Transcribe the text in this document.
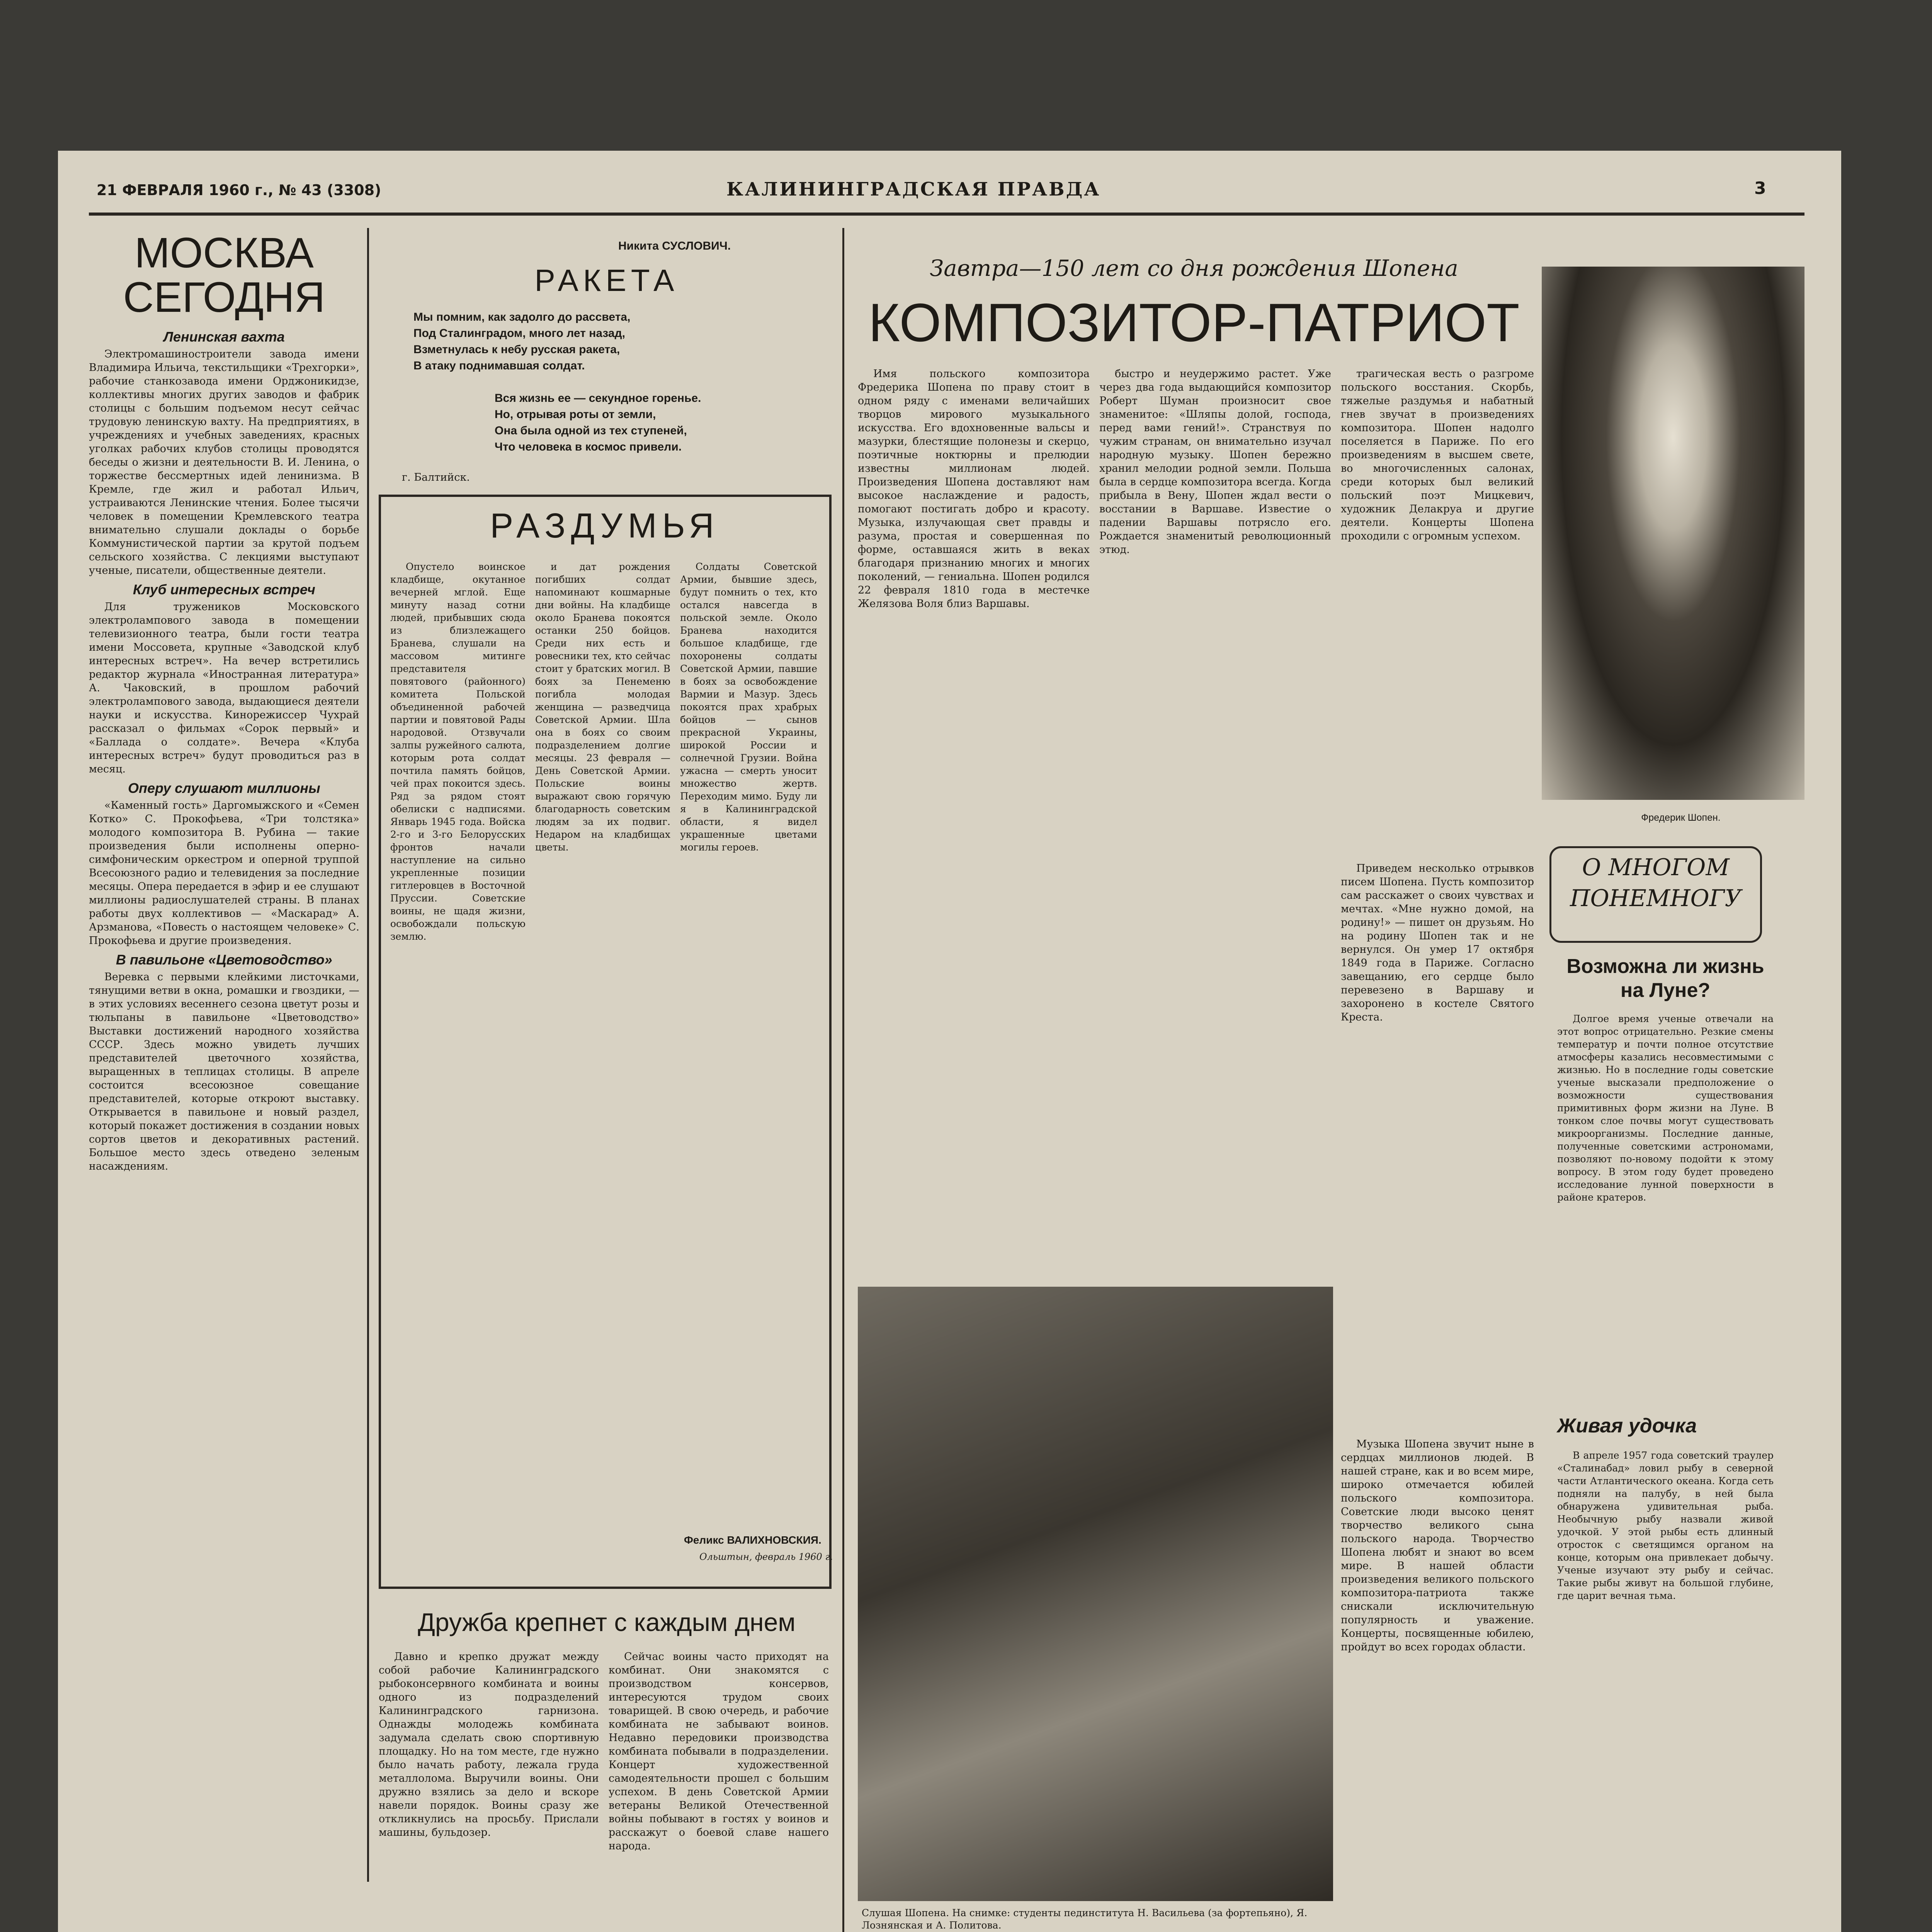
21 ФЕВРАЛЯ 1960 г., № 43 (3308)	КАЛИНИНГРАДСКАЯ ПРАВДА	3
МОСКВА
СЕГОДНЯ
Ленинская вахта

Электромашиностроители завода имени Владимира Ильича, текстильщики «Трехгорки», рабочие станкозавода имени Орджоникидзе, коллективы многих других заводов и фабрик столицы с большим подъемом несут сейчас трудовую ленинскую вахту. На предприятиях, в учреждениях и учебных заведениях, красных уголках рабочих клубов столицы проводятся беседы о жизни и деятельности В. И. Ленина, о торжестве бессмертных идей ленинизма. В Кремле, где жил и работал Ильич, устраиваются Ленинские чтения. Более тысячи человек в помещении Кремлевского театра внимательно слушали доклады о борьбе Коммунистической партии за крутой подъем сельского хозяйства. С лекциями выступают ученые, писатели, общественные деятели.

Клуб интересных встреч

Для тружеников Московского электролампового завода в помещении телевизионного театра, были гости театра имени Моссовета, крупные «Заводской клуб интересных встреч». На вечер встретились редактор журнала «Иностранная литература» А. Чаковский, в прошлом рабочий электролампового завода, выдающиеся деятели науки и искусства. Кинорежиссер Чухрай рассказал о фильмах «Сорок первый» и «Баллада о солдате». Вечера «Клуба интересных встреч» будут проводиться раз в месяц.

Оперу слушают миллионы

«Каменный гость» Даргомыжского и «Семен Котко» С. Прокофьева, «Три толстяка» молодого композитора В. Рубина — такие произведения были исполнены оперно-симфоническим оркестром и оперной труппой Всесоюзного радио и телевидения за последние месяцы. Опера передается в эфир и ее слушают миллионы радиослушателей страны. В планах работы двух коллективов — «Маскарад» А. Арзманова, «Повесть о настоящем человеке» С. Прокофьева и другие произведения.

В павильоне «Цветоводство»

Веревка с первыми клейкими листочками, тянущими ветви в окна, ромашки и гвоздики, — в этих условиях весеннего сезона цветут розы и тюльпаны в павильоне «Цветоводство» Выставки достижений народного хозяйства СССР. Здесь можно увидеть лучших представителей цветочного хозяйства, выращенных в теплицах столицы. В апреле состоится всесоюзное совещание представителей, которые откроют выставку. Открывается в павильоне и новый раздел, который покажет достижения в создании новых сортов цветов и декоративных растений. Большое место здесь отведено зеленым насаждениям.

Никита СУСЛОВИЧ.
РАКЕТА
Мы помним, как задолго до рассвета,
Под Сталинградом, много лет назад,
Взметнулась к небу русская ракета,
В атаку поднимавшая солдат.
Вся жизнь ее — секундное горенье.
Но, отрывая роты от земли,
Она была одной из тех ступеней,
Что человека в космос привели.
г. Балтийск.
РАЗДУМЬЯ

Опустело воинское кладбище, окутанное вечерней мглой. Еще минуту назад сотни людей, прибывших сюда из близлежащего Бранева, слушали на массовом митинге представителя повятового (районного) комитета Польской объединенной рабочей партии и повятовой Рады народовой. Отзвучали залпы ружейного салюта, которым рота солдат почтила память бойцов, чей прах покоится здесь. Ряд за рядом стоят обелиски с надписями. Январь 1945 года. Войска 2-го и 3-го Белорусских фронтов начали наступление на сильно укрепленные позиции гитлеровцев в Восточной Пруссии. Советские воины, не щадя жизни, освобождали польскую землю.

и дат рождения погибших солдат напоминают кошмарные дни войны. На кладбище около Бранева покоятся останки 250 бойцов. Среди них есть и ровесники тех, кто сейчас стоит у братских могил. В боях за Пенеменю погибла молодая женщина — разведчица Советской Армии. Шла она в боях со своим подразделением долгие месяцы. 23 февраля — День Советской Армии. Польские воины выражают свою горячую благодарность советским людям за их подвиг. Недаром на кладбищах цветы.

Солдаты Советской Армии, бывшие здесь, будут помнить о тех, кто остался навсегда в польской земле. Около Бранева находится большое кладбище, где похоронены солдаты Советской Армии, павшие в боях за освобождение Вармии и Мазур. Здесь покоятся прах храбрых бойцов — сынов прекрасной Украины, широкой России и солнечной Грузии. Война ужасна — смерть уносит множество жертв. Переходим мимо. Буду ли я в Калининградской области, я видел украшенные цветами могилы героев.

Феликс ВАЛИХНОВСКИЯ.
Ольштын, февраль 1960 г.
Дружба крепнет с каждым днем

Давно и крепко дружат между собой рабочие Калининградского рыбоконсервного комбината и воины одного из подразделений Калининградского гарнизона. Однажды молодежь комбината задумала сделать свою спортивную площадку. Но на том месте, где нужно было начать работу, лежала груда металлолома. Выручили воины. Они дружно взялись за дело и вскоре навели порядок. Воины сразу же откликнулись на просьбу. Прислали машины, бульдозер.

Сейчас воины часто приходят на комбинат. Они знакомятся с производством консервов, интересуются трудом своих товарищей. В свою очередь, и рабочие комбината не забывают воинов. Недавно передовики производства комбината побывали в подразделении. Концерт художественной самодеятельности прошел с большим успехом. В день Советской Армии ветераны Великой Отечественной войны побывают в гостях у воинов и расскажут о боевой славе нашего народа.

Завтра—150 лет со дня рождения Шопена
КОМПОЗИТОР-ПАТРИОТ

Имя польского композитора Фредерика Шопена по праву стоит в одном ряду с именами величайших творцов мирового музыкального искусства. Его вдохновенные вальсы и мазурки, блестящие полонезы и скерцо, поэтичные ноктюрны и прелюдии известны миллионам людей. Произведения Шопена доставляют нам высокое наслаждение и радость, помогают постигать добро и красоту. Музыка, излучающая свет правды и разума, простая и совершенная по форме, оставшаяся жить в веках благодаря признанию многих и многих поколений, — гениальна. Шопен родился 22 февраля 1810 года в местечке Желязова Воля близ Варшавы.

быстро и неудержимо растет. Уже через два года выдающийся композитор Роберт Шуман произносит свое знаменитое: «Шляпы долой, господа, перед вами гений!». Странствуя по чужим странам, он внимательно изучал народную музыку. Шопен бережно хранил мелодии родной земли. Польша была в сердце композитора всегда. Когда прибыла в Вену, Шопен ждал вести о восстании в Варшаве. Известие о падении Варшавы потрясло его. Рождается знаменитый революционный этюд.

трагическая весть о разгроме польского восстания. Скорбь, тяжелые раздумья и набатный гнев звучат в произведениях композитора. Шопен надолго поселяется в Париже. По его произведениям в высшем свете, во многочисленных салонах, среди которых был великий польский поэт Мицкевич, художник Делакруа и другие деятели. Концерты Шопена проходили с огромным успехом.

Фредерик Шопен.

Приведем несколько отрывков писем Шопена. Пусть композитор сам расскажет о своих чувствах и мечтах. «Мне нужно домой, на родину!» — пишет он друзьям. Но на родину Шопен так и не вернулся. Он умер 17 октября 1849 года в Париже. Согласно завещанию, его сердце было перевезено в Варшаву и захоронено в костеле Святого Креста.

Слушая Шопена. На снимке: студенты пединститута Н. Васильева (за фортепьяно), Я. Лознянская и А. Политова.

Музыка Шопена звучит ныне в сердцах миллионов людей. В нашей стране, как и во всем мире, широко отмечается юбилей польского композитора. Советские люди высоко ценят творчество великого сына польского народа. Творчество Шопена любят и знают во всем мире. В нашей области произведения великого польского композитора-патриота также снискали исключительную популярность и уважение. Концерты, посвященные юбилею, пройдут во всех городах области.

О МНОГОМ
ПОНЕМНОГУ
Возможна ли жизнь на Луне?

Долгое время ученые отвечали на этот вопрос отрицательно. Резкие смены температур и почти полное отсутствие атмосферы казались несовместимыми с жизнью. Но в последние годы советские ученые высказали предположение о возможности существования примитивных форм жизни на Луне. В тонком слое почвы могут существовать микроорганизмы. Последние данные, полученные советскими астрономами, позволяют по-новому подойти к этому вопросу. В этом году будет проведено исследование лунной поверхности в районе кратеров.

Живая удочка

В апреле 1957 года советский траулер «Сталинабад» ловил рыбу в северной части Атлантического океана. Когда сеть подняли на палубу, в ней была обнаружена удивительная рыба. Необычную рыбу назвали живой удочкой. У этой рыбы есть длинный отросток с светящимся органом на конце, которым она привлекает добычу. Ученые изучают эту рыбу и сейчас. Такие рыбы живут на большой глубине, где царит вечная тьма.
